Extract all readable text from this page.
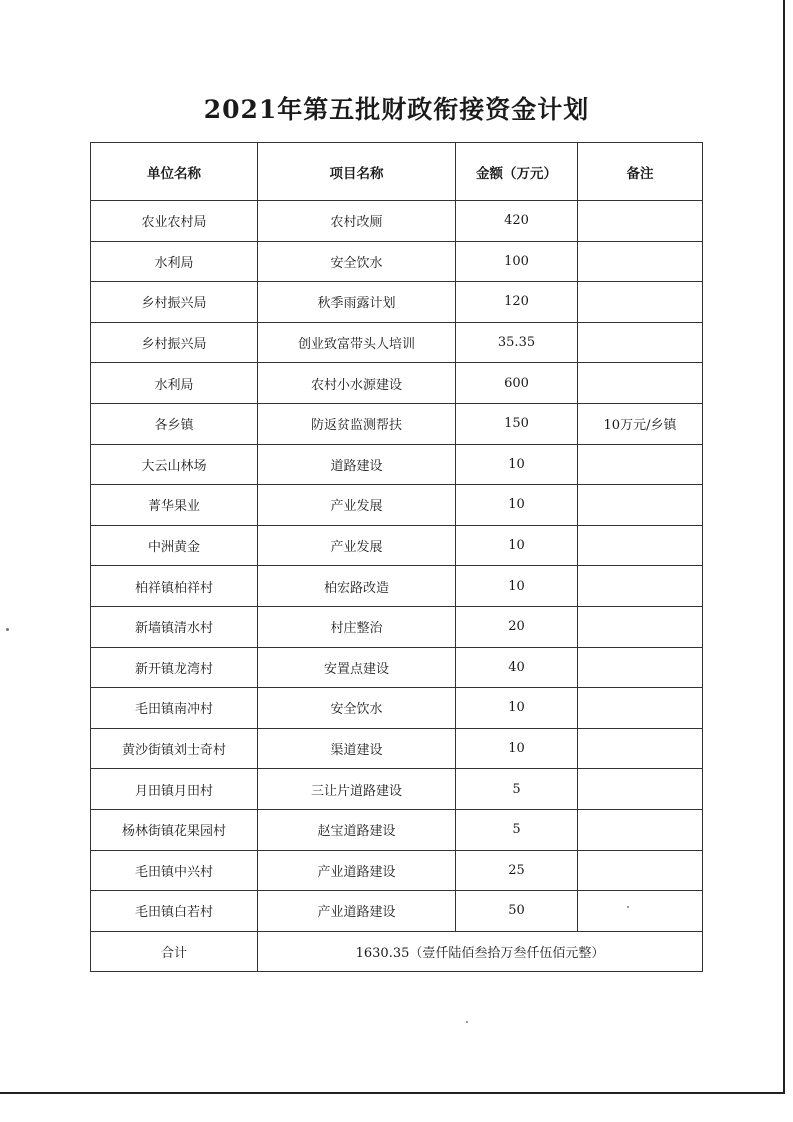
2021年第五批财政衔接资金计划
单位名称	项目名称	金额（万元）	备注
农业农村局	农村改厕	420	
水利局	安全饮水	100	
乡村振兴局	秋季雨露计划	120	
乡村振兴局	创业致富带头人培训	35.35	
水利局	农村小水源建设	600	
各乡镇	防返贫监测帮扶	150	10万元/乡镇
大云山林场	道路建设	10	
菁华果业	产业发展	10	
中洲黄金	产业发展	10	
柏祥镇柏祥村	柏宏路改造	10	
新墙镇清水村	村庄整治	20	
新开镇龙湾村	安置点建设	40	
毛田镇南冲村	安全饮水	10	
黄沙街镇刘士奇村	渠道建设	10	
月田镇月田村	三让片道路建设	5	
杨林街镇花果园村	赵宝道路建设	5	
毛田镇中兴村	产业道路建设	25	
毛田镇白若村	产业道路建设	50	
合计	1630.35（壹仟陆佰叁拾万叁仟伍佰元整）		
